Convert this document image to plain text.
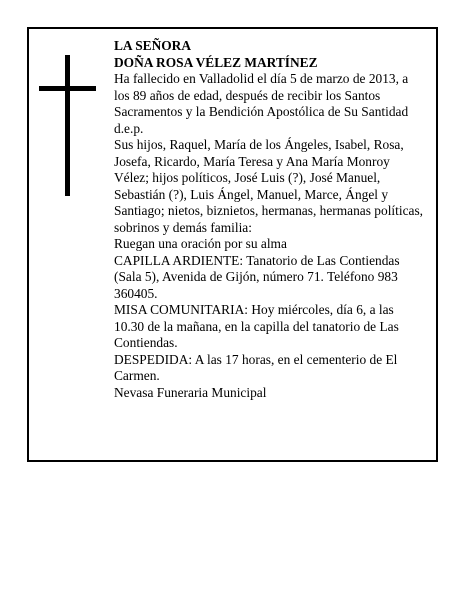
LA SEÑORA

DOÑA ROSA VÉLEZ MARTÍNEZ

Ha fallecido en Valladolid el día 5 de marzo de 2013, a los 89 años de edad, después de recibir los Santos Sacramentos y la Bendición Apostólica de Su Santidad d.e.p.

Sus hijos, Raquel, María de los Ángeles, Isabel, Rosa, Josefa, Ricardo, María Teresa y Ana María Monroy Vélez; hijos políticos, José Luis (?), José Manuel, Sebastián (?), Luis Ángel, Manuel, Marce, Ángel y Santiago; nietos, biznietos, hermanas, hermanas políticas, sobrinos y demás familia:

Ruegan una oración por su alma

CAPILLA ARDIENTE: Tanatorio de Las Contiendas (Sala 5), Avenida de Gijón, número 71. Teléfono 983 360405.

MISA COMUNITARIA: Hoy miércoles, día 6, a las 10.30 de la mañana, en la capilla del tanatorio de Las Contiendas.

DESPEDIDA: A las 17 horas, en el cementerio de El Carmen.

Nevasa Funeraria Municipal
